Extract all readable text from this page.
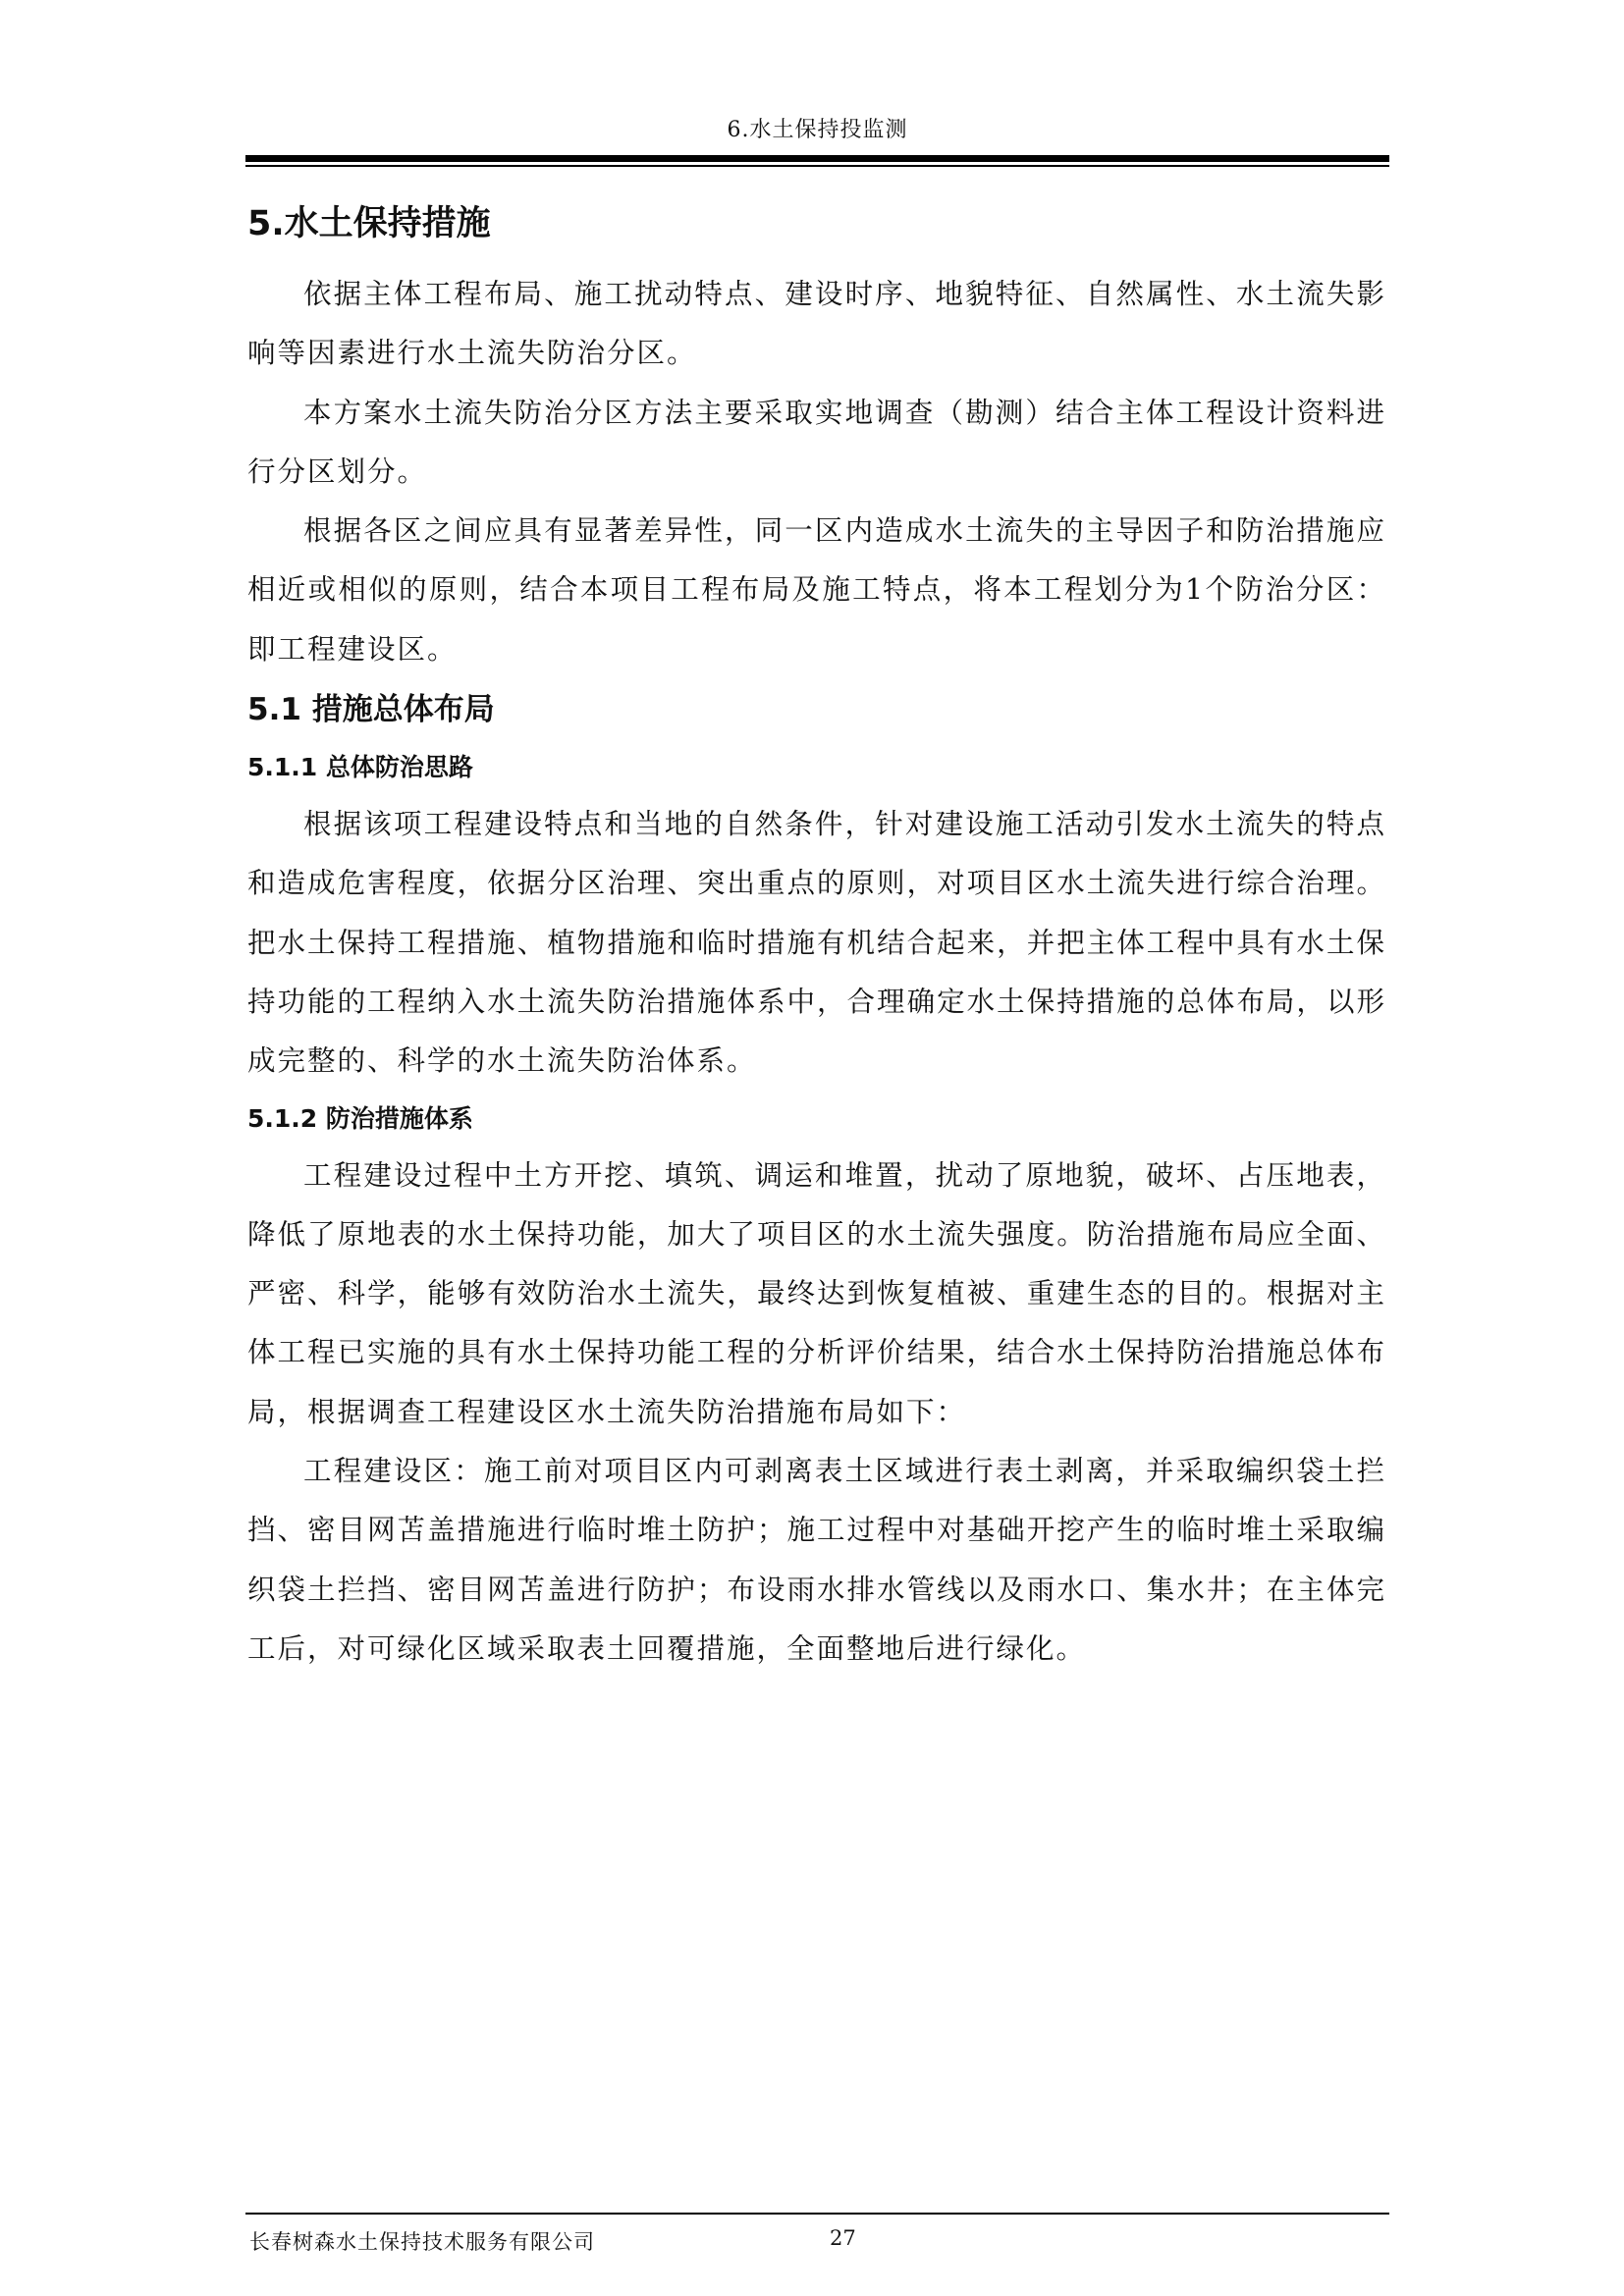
6.水土保持投监测
5.水土保持措施

依据主体工程布局、施工扰动特点、建设时序、地貌特征、自然属性、水土流失影响等因素进行水土流失防治分区。

本方案水土流失防治分区方法主要采取实地调查（勘测）结合主体工程设计资料进行分区划分。

根据各区之间应具有显著差异性，同一区内造成水土流失的主导因子和防治措施应相近或相似的原则，结合本项目工程布局及施工特点，将本工程划分为1个防治分区：即工程建设区。

5.1 措施总体布局
5.1.1 总体防治思路

根据该项工程建设特点和当地的自然条件，针对建设施工活动引发水土流失的特点和造成危害程度，依据分区治理、突出重点的原则，对项目区水土流失进行综合治理。把水土保持工程措施、植物措施和临时措施有机结合起来，并把主体工程中具有水土保持功能的工程纳入水土流失防治措施体系中，合理确定水土保持措施的总体布局，以形成完整的、科学的水土流失防治体系。

5.1.2 防治措施体系

工程建设过程中土方开挖、填筑、调运和堆置，扰动了原地貌，破坏、占压地表，降低了原地表的水土保持功能，加大了项目区的水土流失强度。防治措施布局应全面、严密、科学，能够有效防治水土流失，最终达到恢复植被、重建生态的目的。根据对主体工程已实施的具有水土保持功能工程的分析评价结果，结合水土保持防治措施总体布局，根据调查工程建设区水土流失防治措施布局如下：

工程建设区：施工前对项目区内可剥离表土区域进行表土剥离，并采取编织袋土拦挡、密目网苫盖措施进行临时堆土防护；施工过程中对基础开挖产生的临时堆土采取编织袋土拦挡、密目网苫盖进行防护；布设雨水排水管线以及雨水口、集水井；在主体完工后，对可绿化区域采取表土回覆措施，全面整地后进行绿化。

长春树森水土保持技术服务有限公司	27
